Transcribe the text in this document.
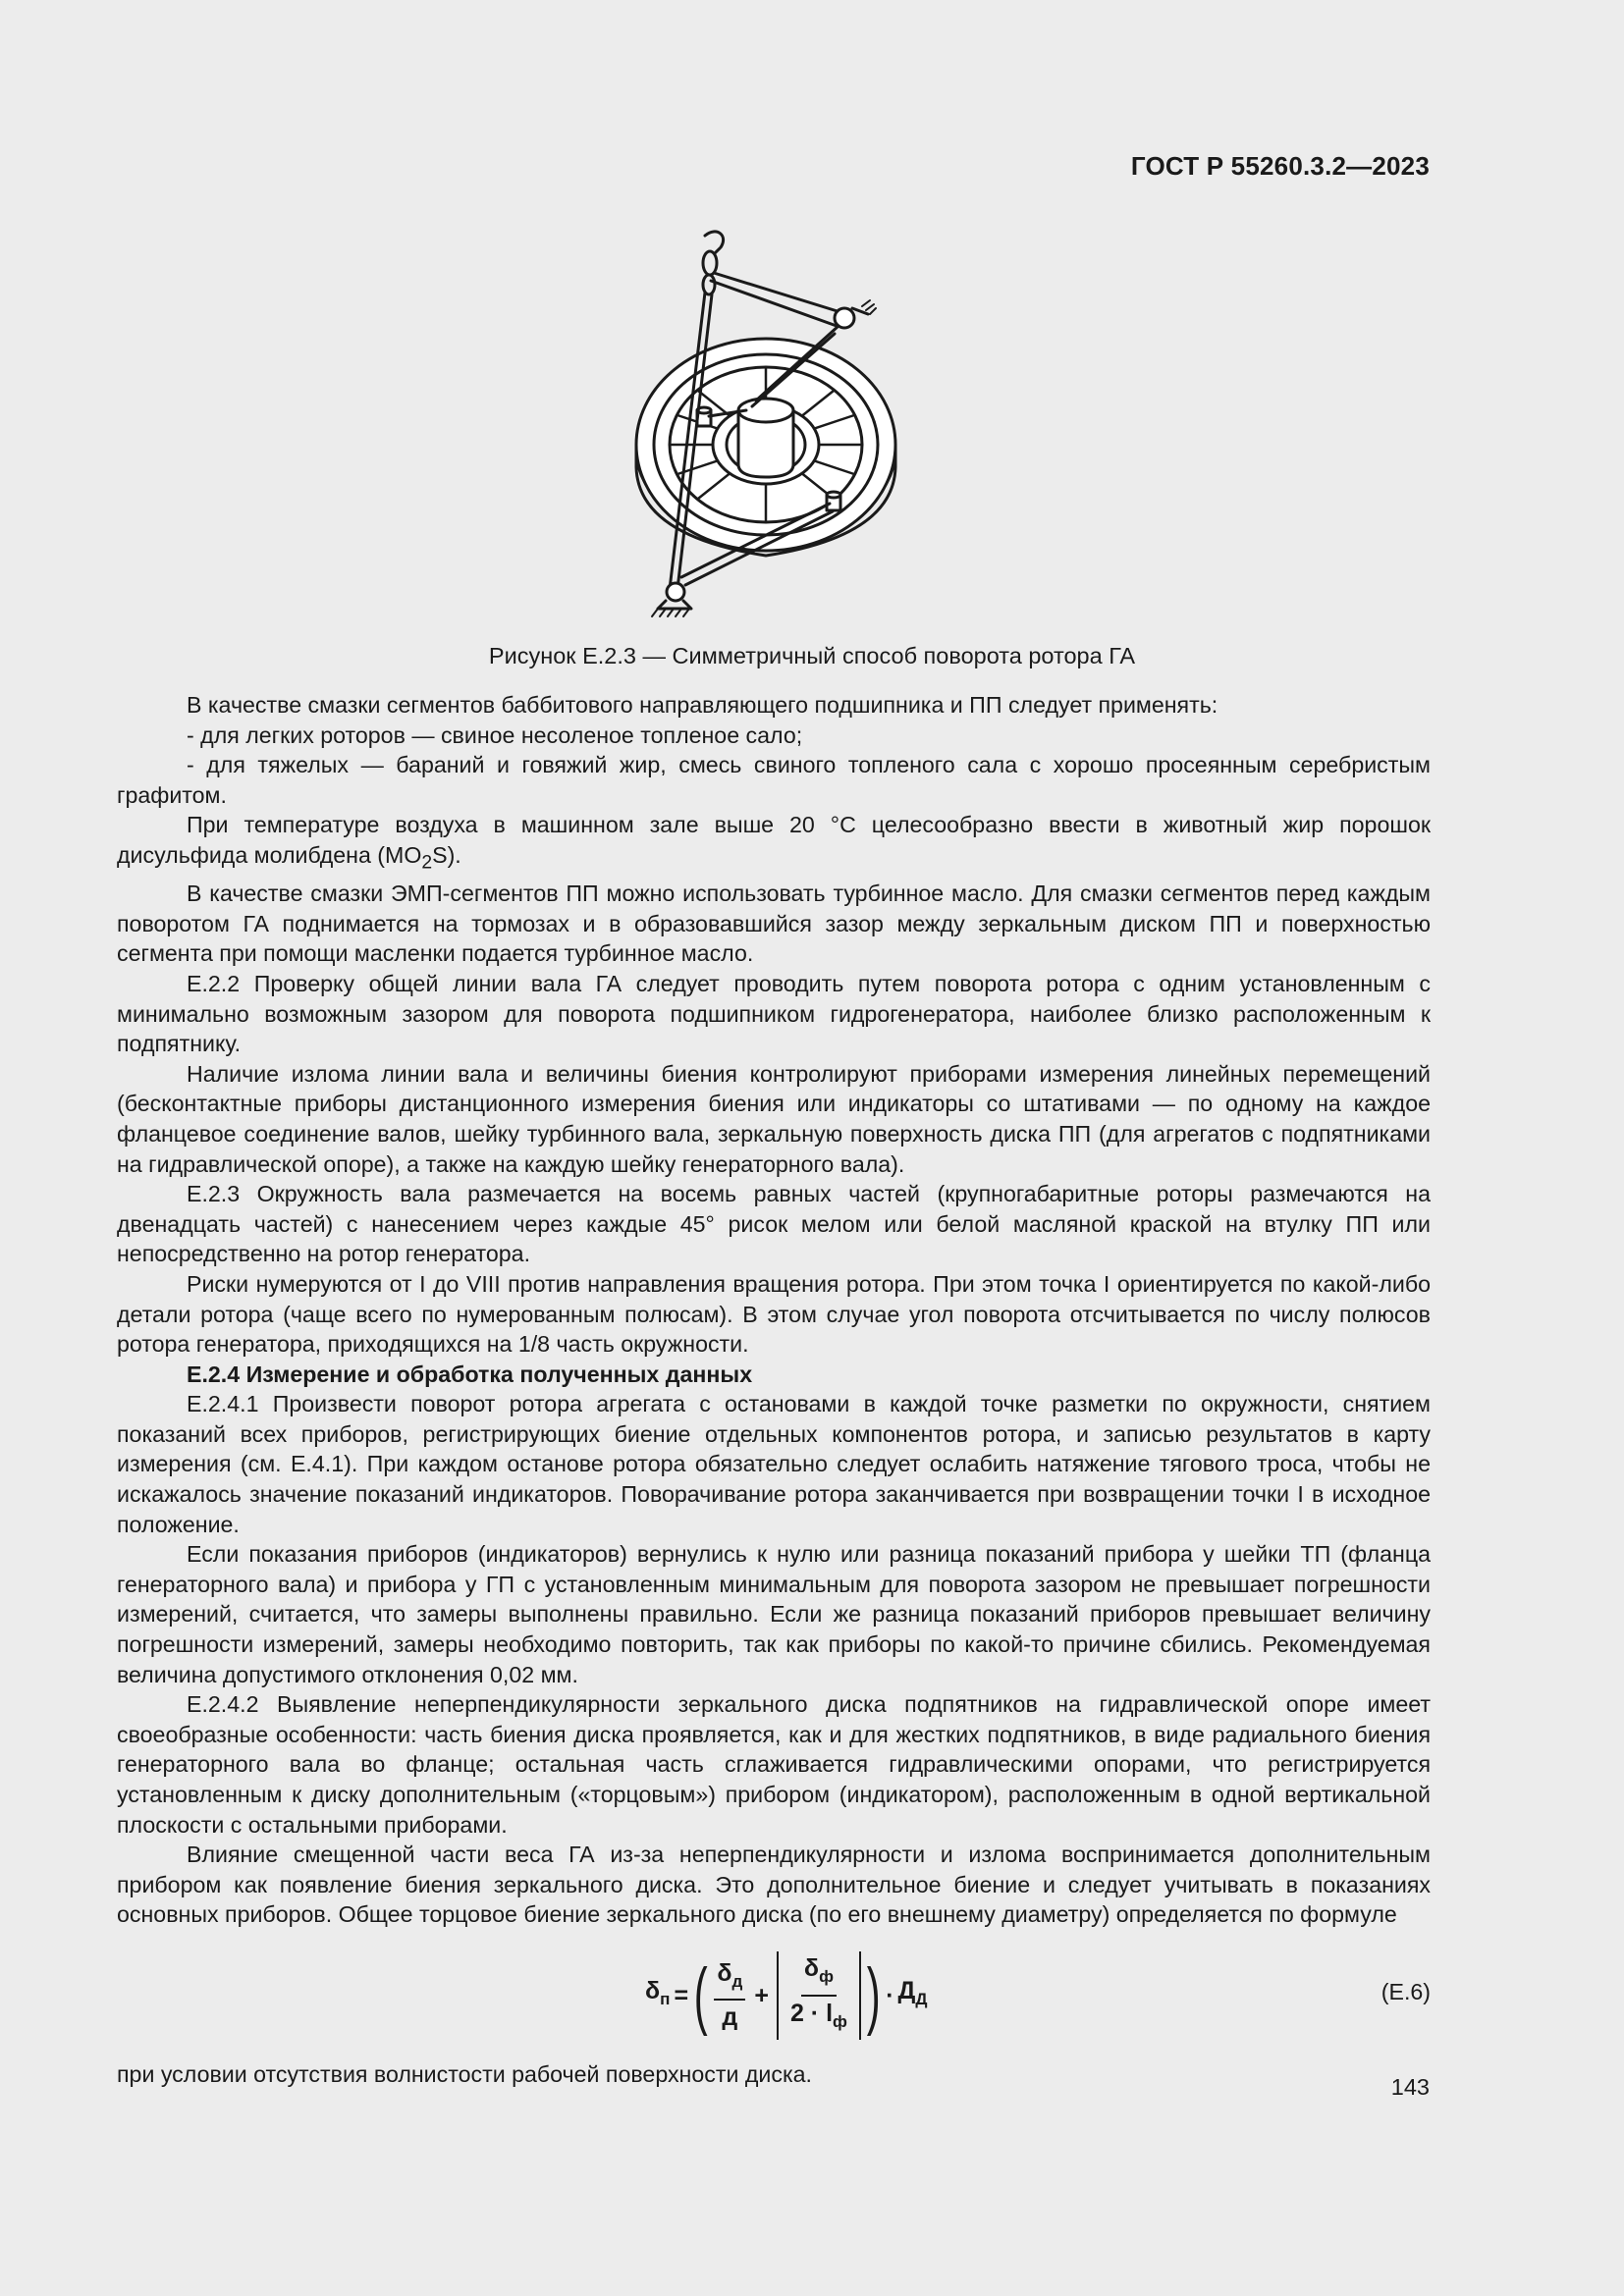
ГОСТ Р 55260.3.2—2023
Рисунок Е.2.3 — Симметричный способ поворота ротора ГА

В качестве смазки сегментов баббитового направляющего подшипника и ПП следует применять:

- для легких роторов — свиное несоленое топленое сало;

- для тяжелых — бараний и говяжий жир, смесь свиного топленого сала с хорошо просеянным серебристым графитом.

При температуре воздуха в машинном зале выше 20 °С целесообразно ввести в животный жир порошок дисульфида молибдена $(МО_2S)$.

В качестве смазки ЭМП-сегментов ПП можно использовать турбинное масло. Для смазки сегментов перед каждым поворотом ГА поднимается на тормозах и в образовавшийся зазор между зеркальным диском ПП и поверхностью сегмента при помощи масленки подается турбинное масло.

Е.2.2 Проверку общей линии вала ГА следует проводить путем поворота ротора с одним установленным с минимально возможным зазором для поворота подшипником гидрогенератора, наиболее близко расположенным к подпятнику.

Наличие излома линии вала и величины биения контролируют приборами измерения линейных перемещений (бесконтактные приборы дистанционного измерения биения или индикаторы со штативами — по одному на каждое фланцевое соединение валов, шейку турбинного вала, зеркальную поверхность диска ПП (для агрегатов с подпятниками на гидравлической опоре), а также на каждую шейку генераторного вала).

Е.2.3 Окружность вала размечается на восемь равных частей (крупногабаритные роторы размечаются на двенадцать частей) с нанесением через каждые 45° рисок мелом или белой масляной краской на втулку ПП или непосредственно на ротор генератора.

Риски нумеруются от I до VIII против направления вращения ротора. При этом точка I ориентируется по какой-либо детали ротора (чаще всего по нумерованным полюсам). В этом случае угол поворота отсчитывается по числу полюсов ротора генератора, приходящихся на 1/8 часть окружности.

Е.2.4 Измерение и обработка полученных данных

Е.2.4.1 Произвести поворот ротора агрегата с остановами в каждой точке разметки по окружности, снятием показаний всех приборов, регистрирующих биение отдельных компонентов ротора, и записью результатов в карту измерения (см. Е.4.1). При каждом останове ротора обязательно следует ослабить натяжение тягового троса, чтобы не искажалось значение показаний индикаторов. Поворачивание ротора заканчивается при возвращении точки I в исходное положение.

Если показания приборов (индикаторов) вернулись к нулю или разница показаний прибора у шейки ТП (фланца генераторного вала) и прибора у ГП с установленным минимальным для поворота зазором не превышает погрешности измерений, считается, что замеры выполнены правильно. Если же разница показаний приборов превышает величину погрешности измерений, замеры необходимо повторить, так как приборы по какой-то причине сбились. Рекомендуемая величина допустимого отклонения 0,02 мм.

Е.2.4.2 Выявление неперпендикулярности зеркального диска подпятников на гидравлической опоре имеет своеобразные особенности: часть биения диска проявляется, как и для жестких подпятников, в виде радиального биения генераторного вала во фланце; остальная часть сглаживается гидравлическими опорами, что регистрируется установленным к диску дополнительным («торцовым») прибором (индикатором), расположенным в одной вертикальной плоскости с остальными приборами.

Влияние смещенной части веса ГА из-за неперпендикулярности и излома воспринимается дополнительным прибором как появление биения зеркального диска. Это дополнительное биение и следует учитывать в показаниях основных приборов. Общее торцовое биение зеркального диска (по его внешнему диаметру) определяется по формуле

$\delta_п$ = ( $\frac{\delta_д}{д} + \frac{\delta_ф}{2 \cdot l_ф}$ ) · $Д_Д$	(Е.6)

при условии отсутствия волнистости рабочей поверхности диска.

143
